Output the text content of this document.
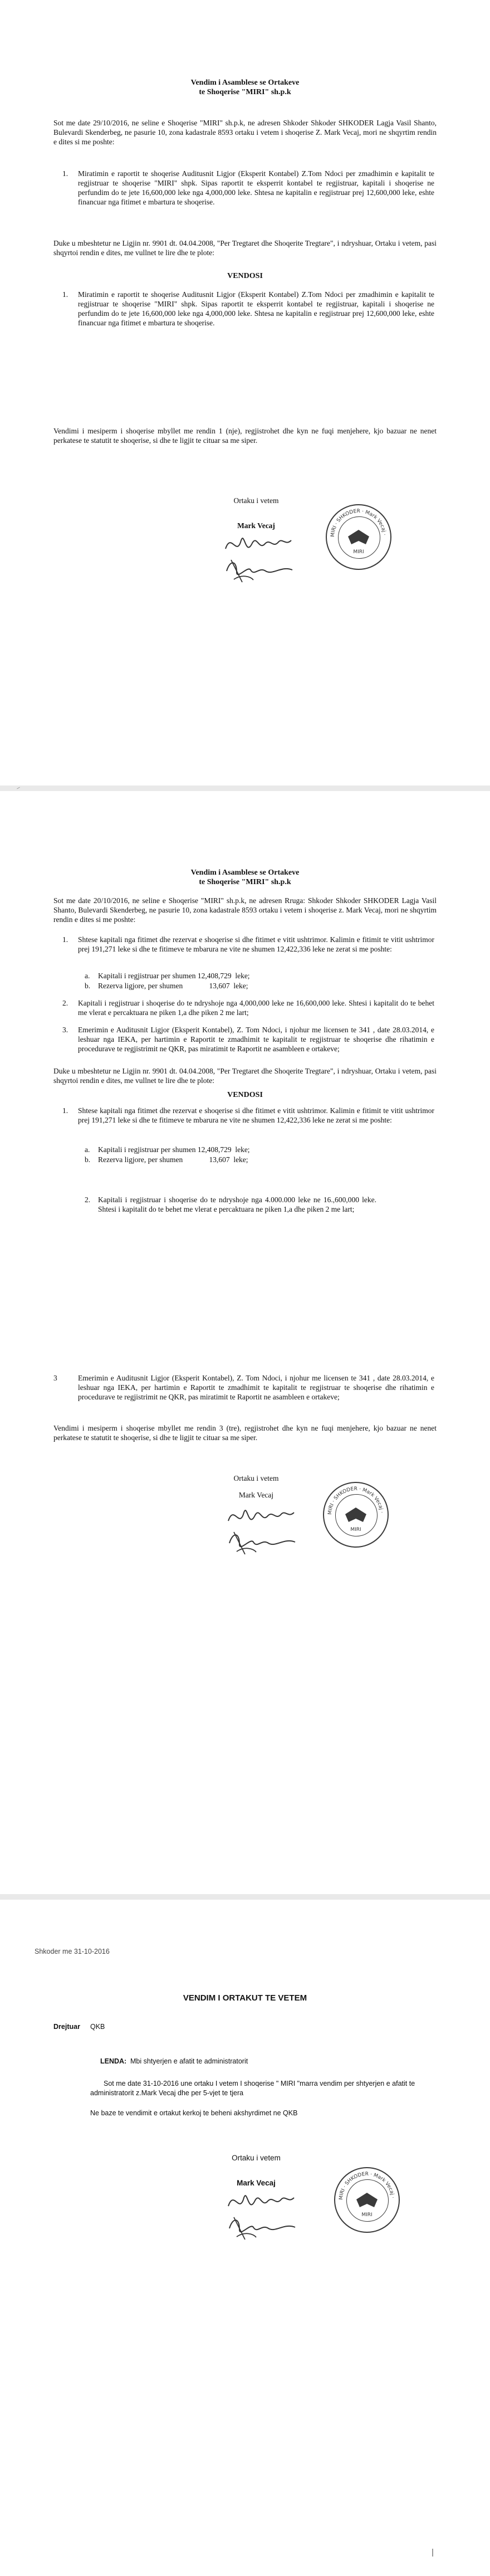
Vendim i Asamblese se Ortakeve
te Shoqerise "MIRI" sh.p.k

Sot me date 29/10/2016, ne seline e Shoqerise "MIRI" sh.p.k, ne adresen Shkoder Shkoder SHKODER Lagja Vasil Shanto, Bulevardi Skenderbeg, ne pasurie 10, zona kadastrale 8593 ortaku i vetem i shoqerise Z. Mark Vecaj, mori ne shqyrtim rendin e dites si me poshte:

1. Miratimin e raportit te shoqerise Auditusnit Ligjor (Eksperit Kontabel) Z.Tom Ndoci per zmadhimin e kapitalit te regjistruar te shoqerise "MIRI" shpk. Sipas raportit te eksperrit kontabel te regjistruar, kapitali i shoqerise ne perfundim do te jete 16,600,000 leke nga 4,000,000 leke. Shtesa ne kapitalin e regjistruar prej 12,600,000 leke, eshte financuar nga fitimet e mbartura te shoqerise.

Duke u mbeshtetur ne Ligjin nr. 9901 dt. 04.04.2008, "Per Tregtaret dhe Shoqerite Tregtare", i ndryshuar, Ortaku i vetem, pasi shqyrtoi rendin e dites, me vullnet te lire dhe te plote:

VENDOSI
1. Miratimin e raportit te shoqerise Auditusnit Ligjor (Eksperit Kontabel) Z.Tom Ndoci per zmadhimin e kapitalit te regjistruar te shoqerise "MIRI" shpk. Sipas raportit te eksperrit kontabel te regjistruar, kapitali i shoqerise ne perfundim do te jete 16,600,000 leke nga 4,000,000 leke. Shtesa ne kapitalin e regjistruar prej 12,600,000 leke, eshte financuar nga fitimet e mbartura te shoqerise.

Vendimi i mesiperm i shoqerise mbyllet me rendin 1 (nje), regjistrohet dhe kyn ne fuqi menjehere, kjo bazuar ne nenet perkatese te statutit te shoqerise, si dhe te ligjit te cituar sa me siper.

Ortaku i vetem
Mark Vecaj
MIRI · SHKODER · Mark Vecaj ·
MIRI
Vendim i Asamblese se Ortakeve
te Shoqerise "MIRI" sh.p.k

Sot me date 20/10/2016, ne seline e Shoqerise "MIRI" sh.p.k, ne adresen Rruga: Shkoder Shkoder SHKODER Lagja Vasil Shanto, Bulevardi Skenderbeg, ne pasurie 10, zona kadastrale 8593 ortaku i vetem i shoqerise z. Mark Vecaj, mori ne shqyrtim rendin e dites si me poshte:

1. Shtese kapitali nga fitimet dhe rezervat e shoqerise si dhe fitimet e vitit ushtrimor. Kalimin e fitimit te vitit ushtrimor prej 191,271 leke si dhe te fitimeve te mbarura ne vite ne shumen 12,422,336 leke ne zerat si me poshte:

a. Kapitali i regjistruar per shumen 12,408,729  leke;
b. Rezerva ligjore, per shumen              13,607  leke;
2. Kapitali i regjistruar i shoqerise do te ndryshoje nga 4,000,000 leke ne 16,600,000 leke. Shtesi i kapitalit do te behet me vlerat e percaktuara ne piken 1,a dhe piken 2 me lart;

3. Emerimin e Auditusnit Ligjor (Eksperit Kontabel), Z. Tom Ndoci, i njohur me licensen te 341 , date 28.03.2014, e leshuar nga IEKA, per hartimin e Raportit te zmadhimit te kapitalit te regjistruar te shoqerise dhe rihatimin e procedurave te regjistrimit ne QKR, pas miratimit te Raportit ne asambleen e ortakeve;

Duke u mbeshtetur ne Ligjin nr. 9901 dt. 04.04.2008, "Per Tregtaret dhe Shoqerite Tregtare", i ndryshuar, Ortaku i vetem, pasi shqyrtoi rendin e dites, me vullnet te lire dhe te plote:

VENDOSI
1. Shtese kapitali nga fitimet dhe rezervat e shoqerise si dhe fitimet e vitit ushtrimor. Kalimin e fitimit te vitit ushtrimor prej 191,271 leke si dhe te fitimeve te mbarura ne vite ne shumen 12,422,336 leke ne zerat si me poshte:

a. Kapitali i regjistruar per shumen 12,408,729  leke;
b. Rezerva ligjore, per shumen              13,607  leke;
2. Kapitali i regjistruar i shoqerise do te ndryshoje nga 4.000.000 leke ne 16.,600,000 leke. Shtesi i kapitalit do te behet me vlerat e percaktuara ne piken 1,a dhe piken 2 me lart;

3	Emerimin e Auditusnit Ligjor (Eksperit Kontabel), Z. Tom Ndoci, i njohur me licensen te 341 , date 28.03.2014, e leshuar nga IEKA, per hartimin e Raportit te zmadhimit te kapitalit te regjistruar te shoqerise dhe rihatimin e procedurave te regjistrimit ne QKR, pas miratimit te Raportit ne asambleen e ortakeve;

Vendimi i mesiperm i shoqerise mbyllet me rendin 3 (tre), regjistrohet dhe kyn ne fuqi menjehere, kjo bazuar ne nenet perkatese te statutit te shoqerise, si dhe te ligjit te cituar sa me siper.

Ortaku i vetem
Mark Vecaj
MIRI · SHKODER · Mark Vecaj ·
MIRI
Shkoder me 31-10-2016
VENDIM I ORTAKUT TE VETEM
Drejtuar QKB
LENDA: Mbi shtyerjen e afatit te administratorit

Sot me date 31-10-2016 une ortaku I vetem I shoqerise " MIRI "marra vendim per shtyerjen e afatit te administratorit z.Mark Vecaj dhe per 5-vjet te tjera

Ne baze te vendimit e ortakut kerkoj te beheni akshyrdimet ne QKB
Ortaku i vetem
Mark Vecaj
MIRI · SHKODER · Mark Vecaj ·
MIRI
